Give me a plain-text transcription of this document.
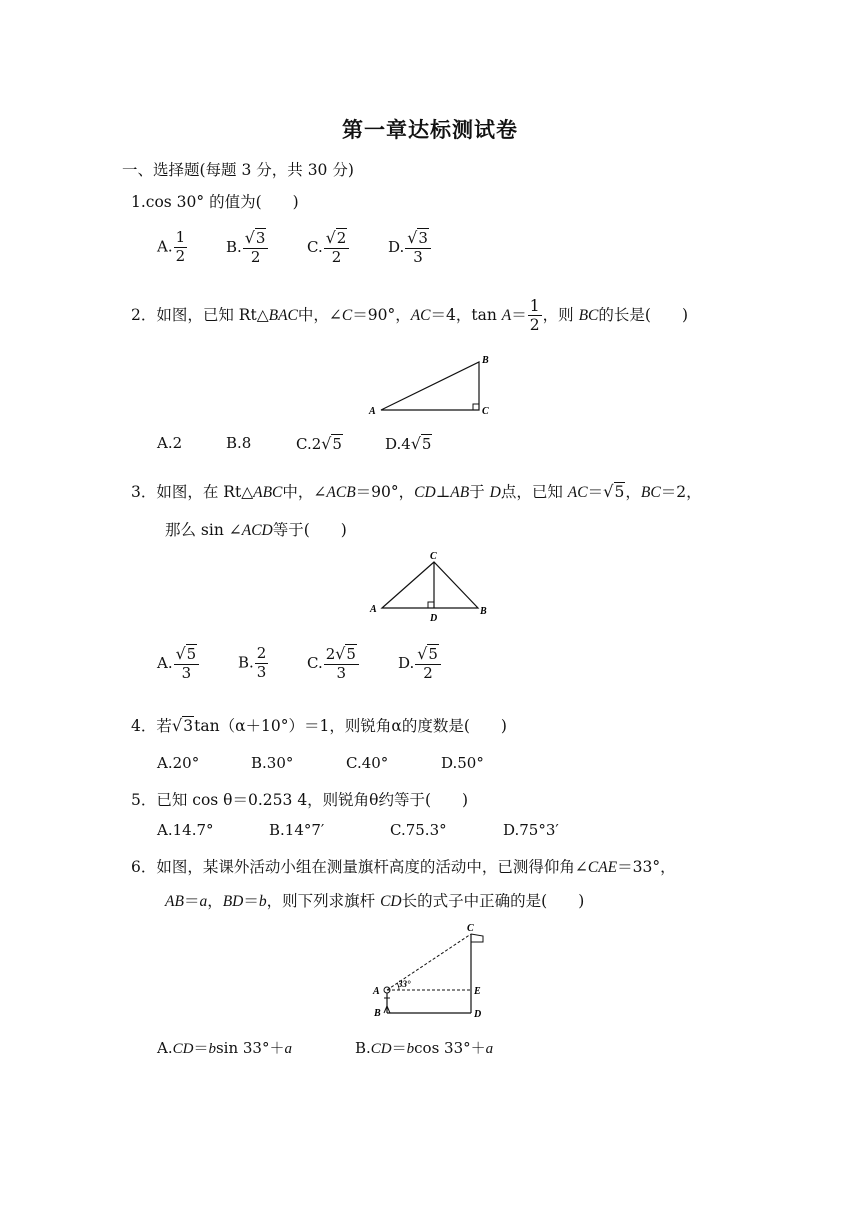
第一章达标测试卷
一、选择题(每题 3 分，共 30 分)
1.cos 30° 的值为(　　)
A. $\frac{1}{2}$	B. $\frac{√3}{2}$	C. $\frac{√2}{2}$	D. $\frac{√3}{3}$
2．如图，已知 Rt△BAC中，∠C＝90°，AC＝4，$\tan A= \frac{1}{2}$ ，则 BC的长是(　　)
A
B
C
A.2	B.8	C.2√5	D.4√5
3．如图，在 Rt△ABC中，∠ACB＝90°，CD⊥AB于 D点，已知 AC＝√5，BC＝2，
那么 sin ∠ACD等于(　　)
A
C
B
D
A. $\frac{√5}{3}$	B. $\frac{2}{3}$	C. $\frac{2√5}{3}$	D. $\frac{√5}{2}$
4．若√3tan（α＋10°）＝1，则锐角α的度数是(　　)
A.20°	B.30°	C.40°	D.50°
5．已知 cos θ＝0.253 4，则锐角θ约等于(　　)
A.14.7°	B.14°7′	C.75.3°	D.75°3′
6．如图，某课外活动小组在测量旗杆高度的活动中，已测得仰角∠CAE＝33°，
AB＝a，BD＝b，则下列求旗杆 CD长的式子中正确的是(　　)
33°
A
B
C
E
D
A.CD＝bsin 33°＋a	B.CD＝bcos 33°＋a
